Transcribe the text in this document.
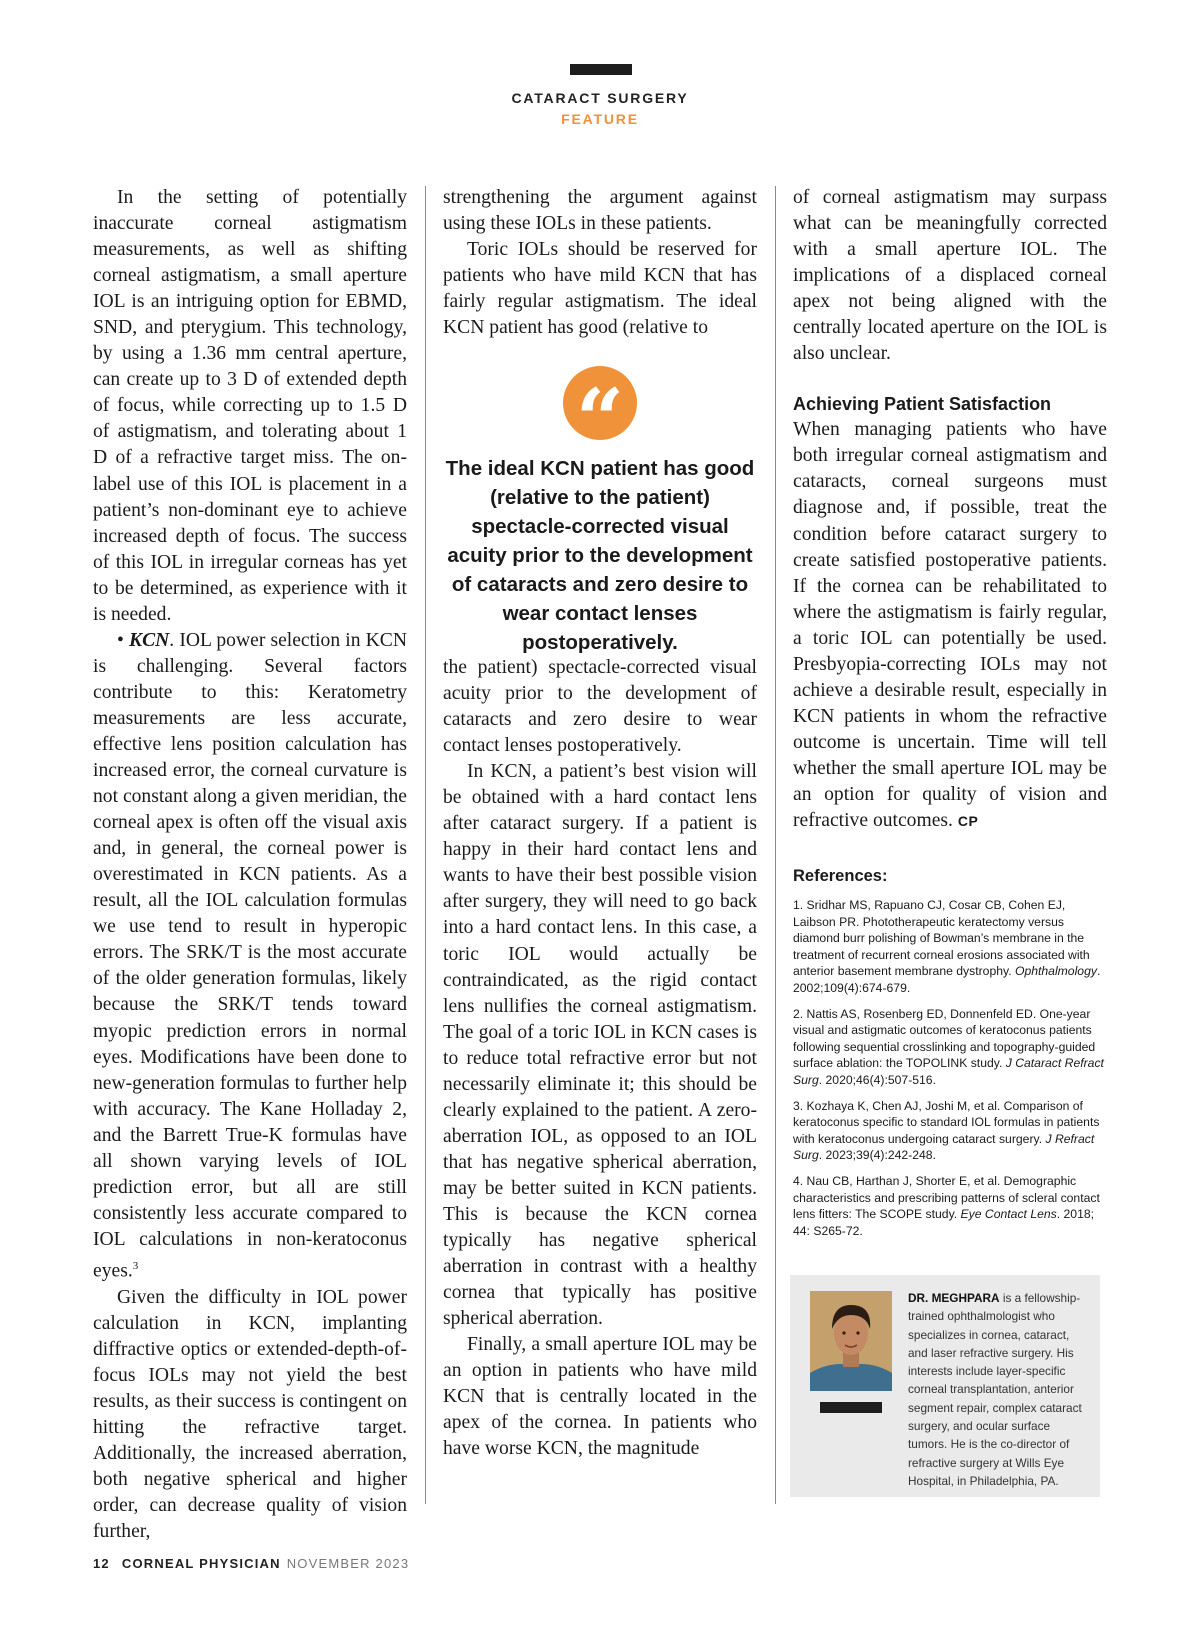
CATARACT SURGERY
FEATURE

In the setting of potentially inaccurate corneal astigmatism measurements, as well as shifting corneal astigmatism, a small aperture IOL is an intriguing option for EBMD, SND, and pterygium. This technology, by using a 1.36 mm central aperture, can create up to 3 D of extended depth of focus, while correcting up to 1.5 D of astigmatism, and tolerating about 1 D of a refractive target miss. The on-label use of this IOL is placement in a patient’s non-dominant eye to achieve increased depth of focus. The success of this IOL in irregular corneas has yet to be determined, as experience with it is needed.

• KCN. IOL power selection in KCN is challenging. Several factors contribute to this: Keratometry measurements are less accurate, effective lens position calculation has increased error, the corneal curvature is not constant along a given meridian, the corneal apex is often off the visual axis and, in general, the corneal power is overestimated in KCN patients. As a result, all the IOL calculation formulas we use tend to result in hyperopic errors. The SRK/T is the most accurate of the older generation formulas, likely because the SRK/T tends toward myopic prediction errors in normal eyes. Modifications have been done to new-generation formulas to further help with accuracy. The Kane Holladay 2, and the Barrett True-K formulas have all shown varying levels of IOL prediction error, but all are still consistently less accurate compared to IOL calculations in non-keratoconus eyes.$^3$

Given the difficulty in IOL power calculation in KCN, implanting diffractive optics or extended-depth-of-focus IOLs may not yield the best results, as their success is contingent on hitting the refractive target. Additionally, the increased aberration, both negative spherical and higher order, can decrease quality of vision further,

strengthening the argument against using these IOLs in these patients.

Toric IOLs should be reserved for patients who have mild KCN that has fairly regular astigmatism. The ideal KCN patient has good (relative to

“
The ideal KCN patient has good (relative to the patient) spectacle-corrected visual acuity prior to the development of cataracts and zero desire to wear contact lenses postoperatively.

the patient) spectacle-corrected visual acuity prior to the development of cataracts and zero desire to wear contact lenses postoperatively.

In KCN, a patient’s best vision will be obtained with a hard contact lens after cataract surgery. If a patient is happy in their hard contact lens and wants to have their best possible vision after surgery, they will need to go back into a hard contact lens. In this case, a toric IOL would actually be contraindicated, as the rigid contact lens nullifies the corneal astigmatism. The goal of a toric IOL in KCN cases is to reduce total refractive error but not necessarily eliminate it; this should be clearly explained to the patient. A zero-aberration IOL, as opposed to an IOL that has negative spherical aberration, may be better suited in KCN patients. This is because the KCN cornea typically has negative spherical aberration in contrast with a healthy cornea that typically has positive spherical aberration.

Finally, a small aperture IOL may be an option in patients who have mild KCN that is centrally located in the apex of the cornea. In patients who have worse KCN, the magnitude

of corneal astigmatism may surpass what can be meaningfully corrected with a small aperture IOL. The implications of a displaced corneal apex not being aligned with the centrally located aperture on the IOL is also unclear.

Achieving Patient Satisfaction

When managing patients who have both irregular corneal astigmatism and cataracts, corneal surgeons must diagnose and, if possible, treat the condition before cataract surgery to create satisfied postoperative patients. If the cornea can be rehabilitated to where the astigmatism is fairly regular, a toric IOL can potentially be used. Presbyopia-correcting IOLs may not achieve a desirable result, especially in KCN patients in whom the refractive outcome is uncertain. Time will tell whether the small aperture IOL may be an option for quality of vision and refractive outcomes. CP

References:
1. Sridhar MS, Rapuano CJ, Cosar CB, Cohen EJ, Laibson PR. Phototherapeutic keratectomy versus diamond burr polishing of Bowman’s membrane in the treatment of recurrent corneal erosions associated with anterior basement membrane dystrophy. Ophthalmology. 2002;109(4):674-679.
2. Nattis AS, Rosenberg ED, Donnenfeld ED. One-year visual and astigmatic outcomes of keratoconus patients following sequential crosslinking and topography-guided surface ablation: the TOPOLINK study. J Cataract Refract Surg. 2020;46(4):507-516.
3. Kozhaya K, Chen AJ, Joshi M, et al. Comparison of keratoconus specific to standard IOL formulas in patients with keratoconus undergoing cataract surgery. J Refract Surg. 2023;39(4):242-248.
4. Nau CB, Harthan J, Shorter E, et al. Demographic characteristics and prescribing patterns of scleral contact lens fitters: The SCOPE study. Eye Contact Lens. 2018; 44: S265-72.
DR. MEGHPARA is a fellowship-trained ophthalmologist who specializes in cornea, cataract, and laser refractive surgery. His interests include layer-specific corneal transplantation, anterior segment repair, complex cataract surgery, and ocular surface tumors. He is the co-director of refractive surgery at Wills Eye Hospital, in Philadelphia, PA.
12 CORNEAL PHYSICIAN NOVEMBER 2023
